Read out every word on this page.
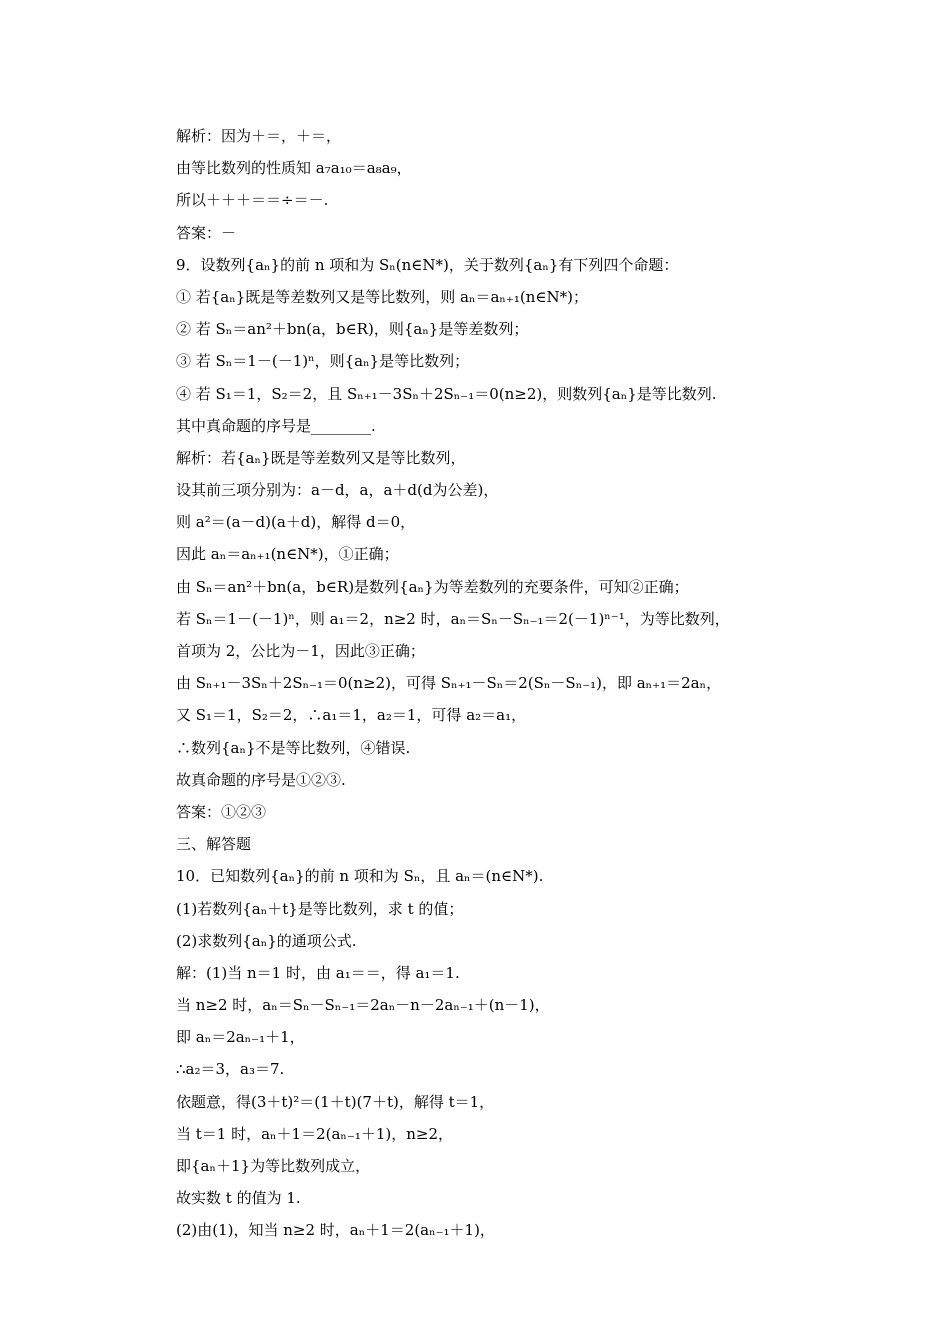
解析：因为＋＝，＋＝，
由等比数列的性质知 a₇a₁₀＝a₈a₉，
所以＋＋＋＝＝÷＝－.
答案：－
9．设数列{aₙ}的前 n 项和为 Sₙ(n∈N*)，关于数列{aₙ}有下列四个命题：
① 若{aₙ}既是等差数列又是等比数列，则 aₙ＝aₙ₊₁(n∈N*)；
② 若 Sₙ＝an²＋bn(a，b∈R)，则{aₙ}是等差数列；
③ 若 Sₙ＝1－(－1)ⁿ，则{aₙ}是等比数列；
④ 若 S₁＝1，S₂＝2，且 Sₙ₊₁－3Sₙ＋2Sₙ₋₁＝0(n≥2)，则数列{aₙ}是等比数列.
其中真命题的序号是________.
解析：若{aₙ}既是等差数列又是等比数列，
设其前三项分别为：a－d，a，a＋d(d为公差)，
则 a²＝(a－d)(a＋d)，解得 d＝0，
因此 aₙ＝aₙ₊₁(n∈N*)，①正确；
由 Sₙ＝an²＋bn(a，b∈R)是数列{aₙ}为等差数列的充要条件，可知②正确；
若 Sₙ＝1－(－1)ⁿ，则 a₁＝2，n≥2 时，aₙ＝Sₙ－Sₙ₋₁＝2(－1)ⁿ⁻¹，为等比数列，
首项为 2，公比为－1，因此③正确；
由 Sₙ₊₁－3Sₙ＋2Sₙ₋₁＝0(n≥2)，可得 Sₙ₊₁－Sₙ＝2(Sₙ－Sₙ₋₁)，即 aₙ₊₁＝2aₙ，
又 S₁＝1，S₂＝2，∴a₁＝1，a₂＝1，可得 a₂＝a₁，
∴数列{aₙ}不是等比数列，④错误.
故真命题的序号是①②③.
答案：①②③
三、解答题
10．已知数列{aₙ}的前 n 项和为 Sₙ，且 aₙ＝(n∈N*).
(1)若数列{aₙ＋t}是等比数列，求 t 的值；
(2)求数列{aₙ}的通项公式.
解：(1)当 n＝1 时，由 a₁＝＝，得 a₁＝1.
当 n≥2 时，aₙ＝Sₙ－Sₙ₋₁＝2aₙ－n－2aₙ₋₁＋(n－1)，
即 aₙ＝2aₙ₋₁＋1，
∴a₂＝3，a₃＝7.
依题意，得(3＋t)²＝(1＋t)(7＋t)，解得 t＝1，
当 t＝1 时，aₙ＋1＝2(aₙ₋₁＋1)，n≥2，
即{aₙ＋1}为等比数列成立，
故实数 t 的值为 1.
(2)由(1)，知当 n≥2 时，aₙ＋1＝2(aₙ₋₁＋1)，
